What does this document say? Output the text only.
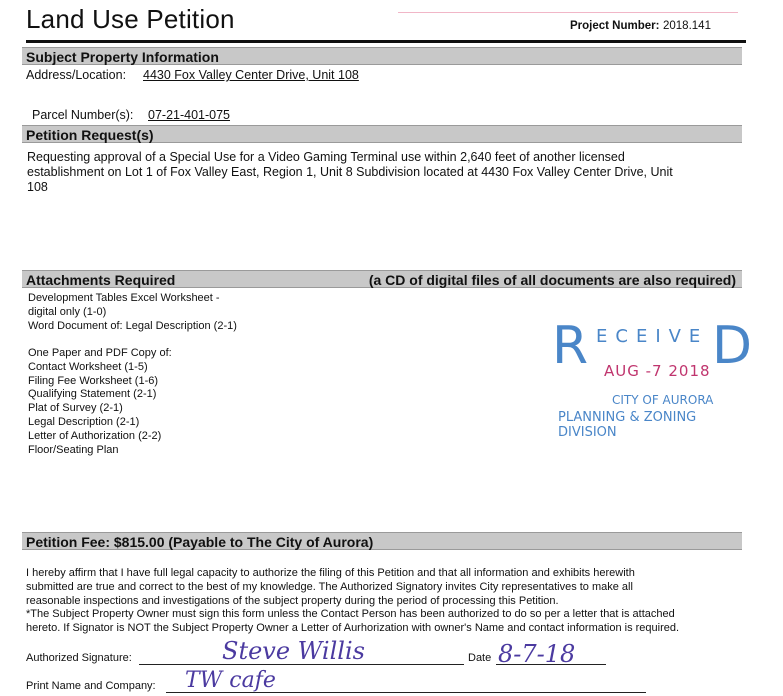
Land Use Petition	Project Number: 2018.141
Subject Property Information
Address/Location: 4430 Fox Valley Center Drive, Unit 108
Parcel Number(s): 07-21-401-075
Petition Request(s)
Requesting approval of a Special Use for a Video Gaming Terminal use within 2,640 feet of another licensed
establishment on Lot 1 of Fox Valley East, Region 1, Unit 8 Subdivision located at 4430 Fox Valley Center Drive, Unit
108
Attachments Required	(a CD of digital files of all documents are also required)
Development Tables Excel Worksheet -
digital only (1-0)
Word Document of: Legal Description (2-1)
One Paper and PDF Copy of:
Contact Worksheet (1-5)
Filing Fee Worksheet (1-6)
Qualifying Statement (2-1)
Plat of Survey (2-1)
Legal Description (2-1)
Letter of Authorization (2-2)
Floor/Seating Plan
R ECEIVE D
AUG -7 2018
CITY OF AURORA
PLANNING & ZONING DIVISION
Petition Fee: $815.00 (Payable to The City of Aurora)
I hereby affirm that I have full legal capacity to authorize the filing of this Petition and that all information and exhibits herewith
submitted are true and correct to the best of my knowledge. The Authorized Signatory invites City representatives to make all
reasonable inspections and investigations of the subject property during the period of processing this Petition.
*The Subject Property Owner must sign this form unless the Contact Person has been authorized to do so per a letter that is attached
hereto. If Signator is NOT the Subject Property Owner a Letter of Aurhorization with owner's Name and contact information is required.
Authorized Signature:	Steve Willis	Date 8-7-18
Print Name and Company: TW cafe
